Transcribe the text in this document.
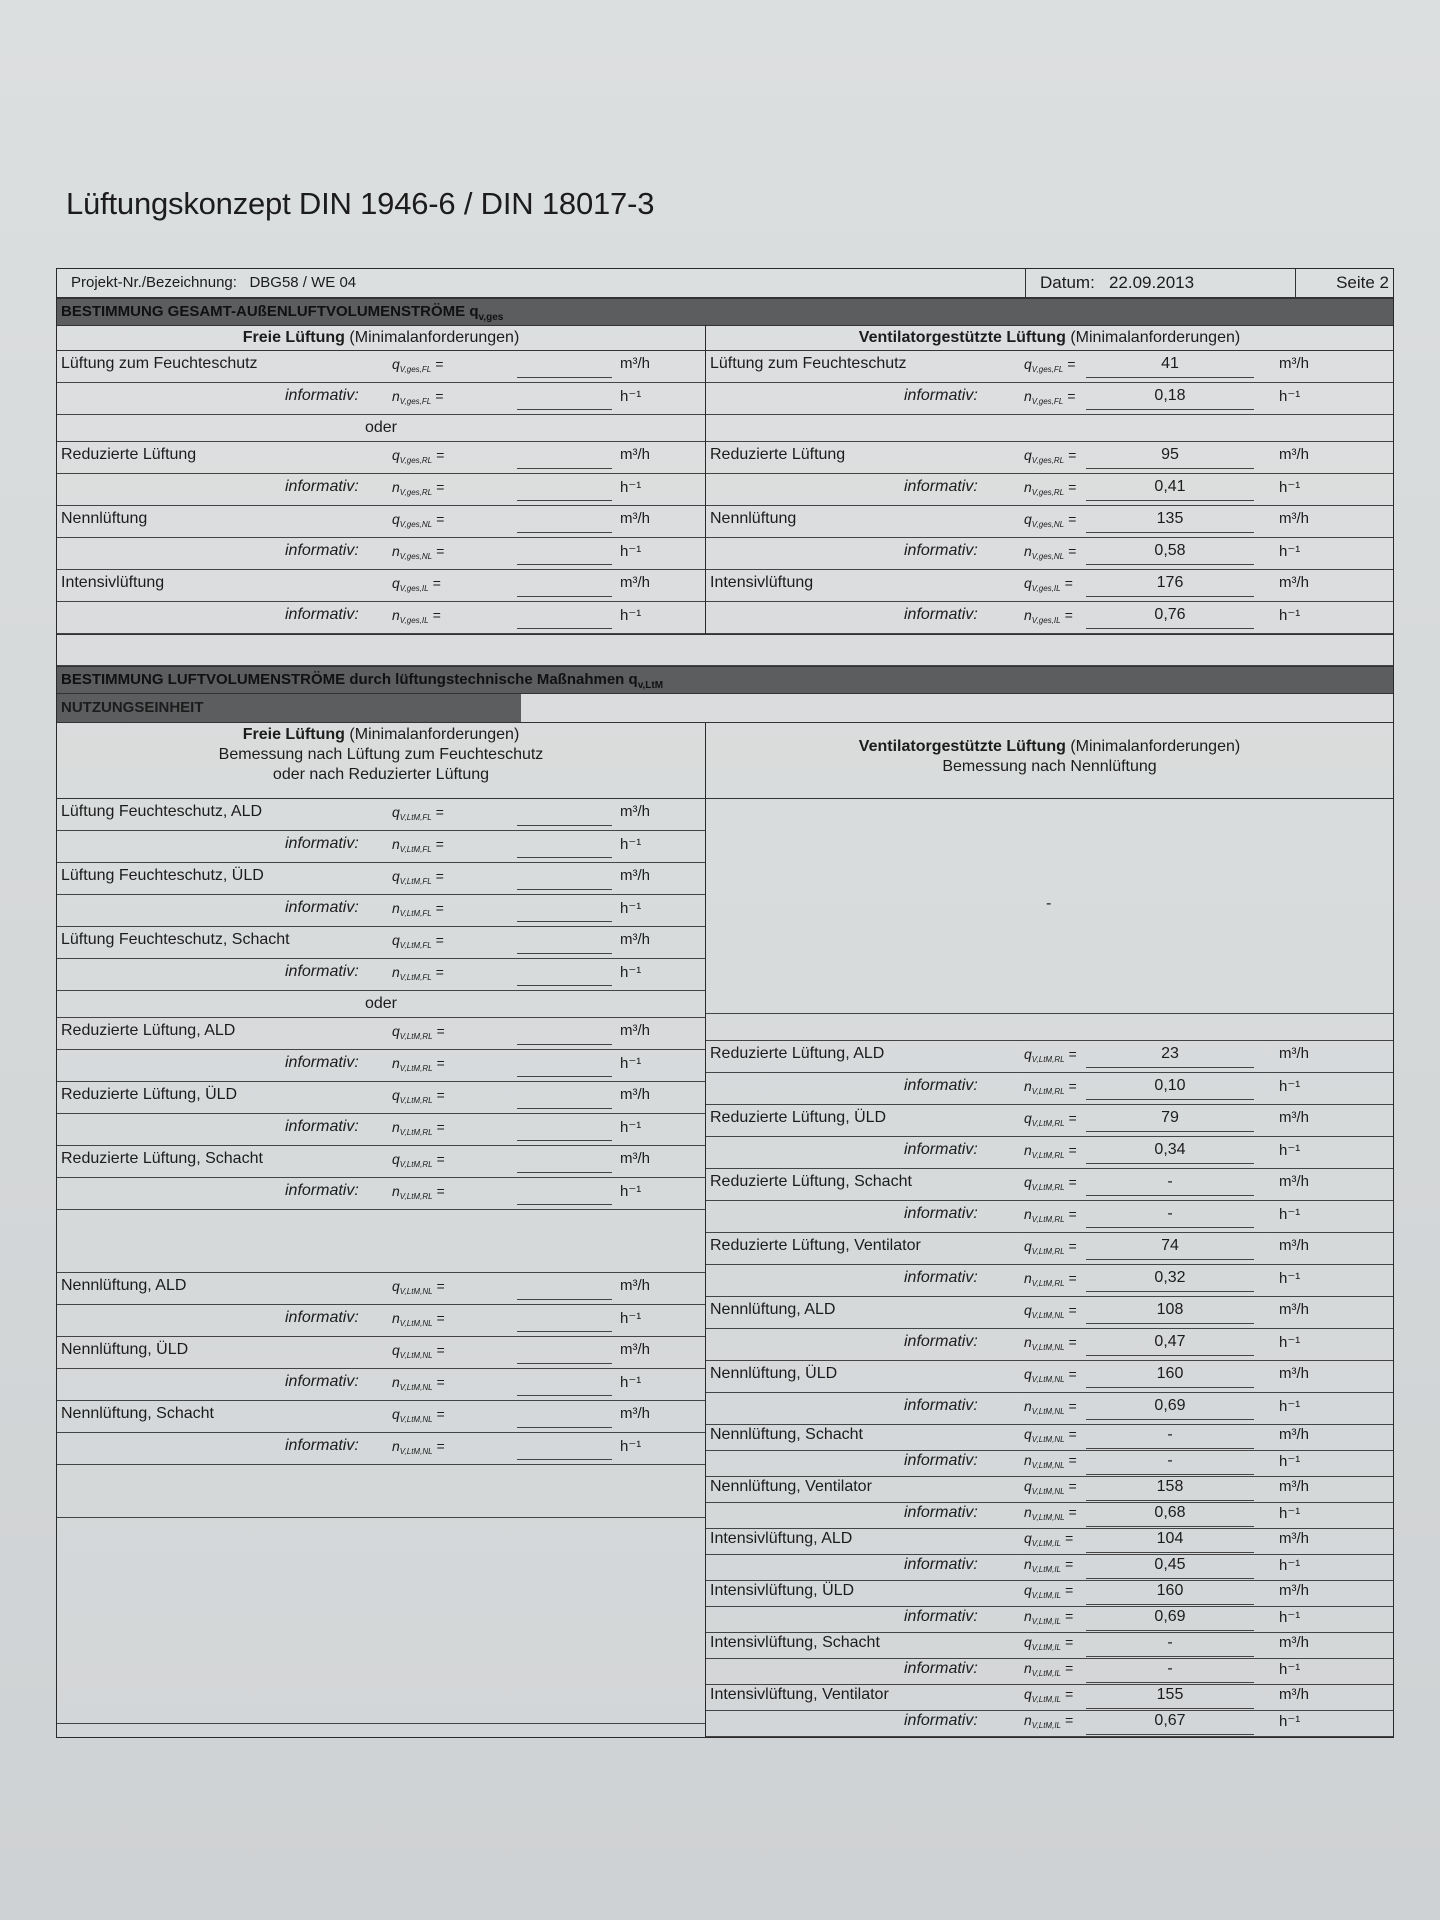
Lüftungskonzept DIN 1946-6 / DIN 18017-3
Projekt-Nr./Bezeichnung: DBG58 / WE 04	Datum: 22.09.2013	Seite 2
BESTIMMUNG GESAMT-AUßENLUFTVOLUMENSTRÖME $q_{v,ges}$
Freie Lüftung (Minimalanforderungen)
Lüftung zum Feuchteschutz	$q_{V,ges,FL}$ =	m³/h
informativ: $n_{V,ges,FL}$ =	h⁻¹
oder
Reduzierte Lüftung	$q_{V,ges,RL}$ =	m³/h
informativ: $n_{V,ges,RL}$ =	h⁻¹
Nennlüftung	$q_{V,ges,NL}$ =	m³/h
informativ: $n_{V,ges,NL}$ =	h⁻¹
Intensivlüftung	$q_{V,ges,IL}$ =	m³/h
informativ: $n_{V,ges,IL}$ =	h⁻¹
Ventilatorgestützte Lüftung (Minimalanforderungen)
Lüftung zum Feuchteschutz	$q_{V,ges,FL}$ =	41	m³/h
informativ:	$n_{V,ges,FL}$ =	0,18	h⁻¹
Reduzierte Lüftung	$q_{V,ges,RL}$ =	95	m³/h
informativ:	$n_{V,ges,RL}$ =	0,41	h⁻¹
Nennlüftung	$q_{V,ges,NL}$ =	135	m³/h
informativ:	$n_{V,ges,NL}$ =	0,58	h⁻¹
Intensivlüftung	$q_{V,ges,IL}$ =	176	m³/h
informativ:	$n_{V,ges,IL}$ =	0,76	h⁻¹
BESTIMMUNG LUFTVOLUMENSTRÖME durch lüftungstechnische Maßnahmen $q_{v,LtM}$
NUTZUNGSEINHEIT
Freie Lüftung (Minimalanforderungen)
Bemessung nach Lüftung zum Feuchteschutz
oder nach Reduzierter Lüftung
Lüftung Feuchteschutz, ALD	$q_{V,LtM,FL}$ =	m³/h
informativ: $n_{V,LtM,FL}$ =	h⁻¹
Lüftung Feuchteschutz, ÜLD	$q_{V,LtM,FL}$ =	m³/h
informativ: $n_{V,LtM,FL}$ =	h⁻¹
Lüftung Feuchteschutz, Schacht	$q_{V,LtM,FL}$ =	m³/h
informativ: $n_{V,LtM,FL}$ =	h⁻¹
oder
Reduzierte Lüftung, ALD	$q_{V,LtM,RL}$ =	m³/h
informativ: $n_{V,LtM,RL}$ =	h⁻¹
Reduzierte Lüftung, ÜLD	$q_{V,LtM,RL}$ =	m³/h
informativ: $n_{V,LtM,RL}$ =	h⁻¹
Reduzierte Lüftung, Schacht	$q_{V,LtM,RL}$ =	m³/h
informativ: $n_{V,LtM,RL}$ =	h⁻¹
Nennlüftung, ALD	$q_{V,LtM,NL}$ =	m³/h
informativ: $n_{V,LtM,NL}$ =	h⁻¹
Nennlüftung, ÜLD	$q_{V,LtM,NL}$ =	m³/h
informativ: $n_{V,LtM,NL}$ =	h⁻¹
Nennlüftung, Schacht	$q_{V,LtM,NL}$ =	m³/h
informativ: $n_{V,LtM,NL}$ =	h⁻¹
Ventilatorgestützte Lüftung (Minimalanforderungen)
Bemessung nach Nennlüftung
-
Reduzierte Lüftung, ALD	$q_{V,LtM,RL}$ =	23	m³/h
informativ:	$n_{V,LtM,RL}$ =	0,10	h⁻¹
Reduzierte Lüftung, ÜLD	$q_{V,LtM,RL}$ =	79	m³/h
informativ:	$n_{V,LtM,RL}$ =	0,34	h⁻¹
Reduzierte Lüftung, Schacht	$q_{V,LtM,RL}$ =	-	m³/h
informativ:	$n_{V,LtM,RL}$ =	-	h⁻¹
Reduzierte Lüftung, Ventilator	$q_{V,LtM,RL}$ =	74	m³/h
informativ:	$n_{V,LtM,RL}$ =	0,32	h⁻¹
Nennlüftung, ALD	$q_{V,LtM,NL}$ =	108	m³/h
informativ:	$n_{V,LtM,NL}$ =	0,47	h⁻¹
Nennlüftung, ÜLD	$q_{V,LtM,NL}$ =	160	m³/h
informativ:	$n_{V,LtM,NL}$ =	0,69	h⁻¹
Nennlüftung, Schacht	$q_{V,LtM,NL}$ =	-	m³/h
informativ:	$n_{V,LtM,NL}$ =	-	h⁻¹
Nennlüftung, Ventilator	$q_{V,LtM,NL}$ =	158	m³/h
informativ:	$n_{V,LtM,NL}$ =	0,68	h⁻¹
Intensivlüftung, ALD	$q_{V,LtM,IL}$ =	104	m³/h
informativ:	$n_{V,LtM,IL}$ =	0,45	h⁻¹
Intensivlüftung, ÜLD	$q_{V,LtM,IL}$ =	160	m³/h
informativ:	$n_{V,LtM,IL}$ =	0,69	h⁻¹
Intensivlüftung, Schacht	$q_{V,LtM,IL}$ =	-	m³/h
informativ:	$n_{V,LtM,IL}$ =	-	h⁻¹
Intensivlüftung, Ventilator	$q_{V,LtM,IL}$ =	155	m³/h
informativ:	$n_{V,LtM,IL}$ =	0,67	h⁻¹
